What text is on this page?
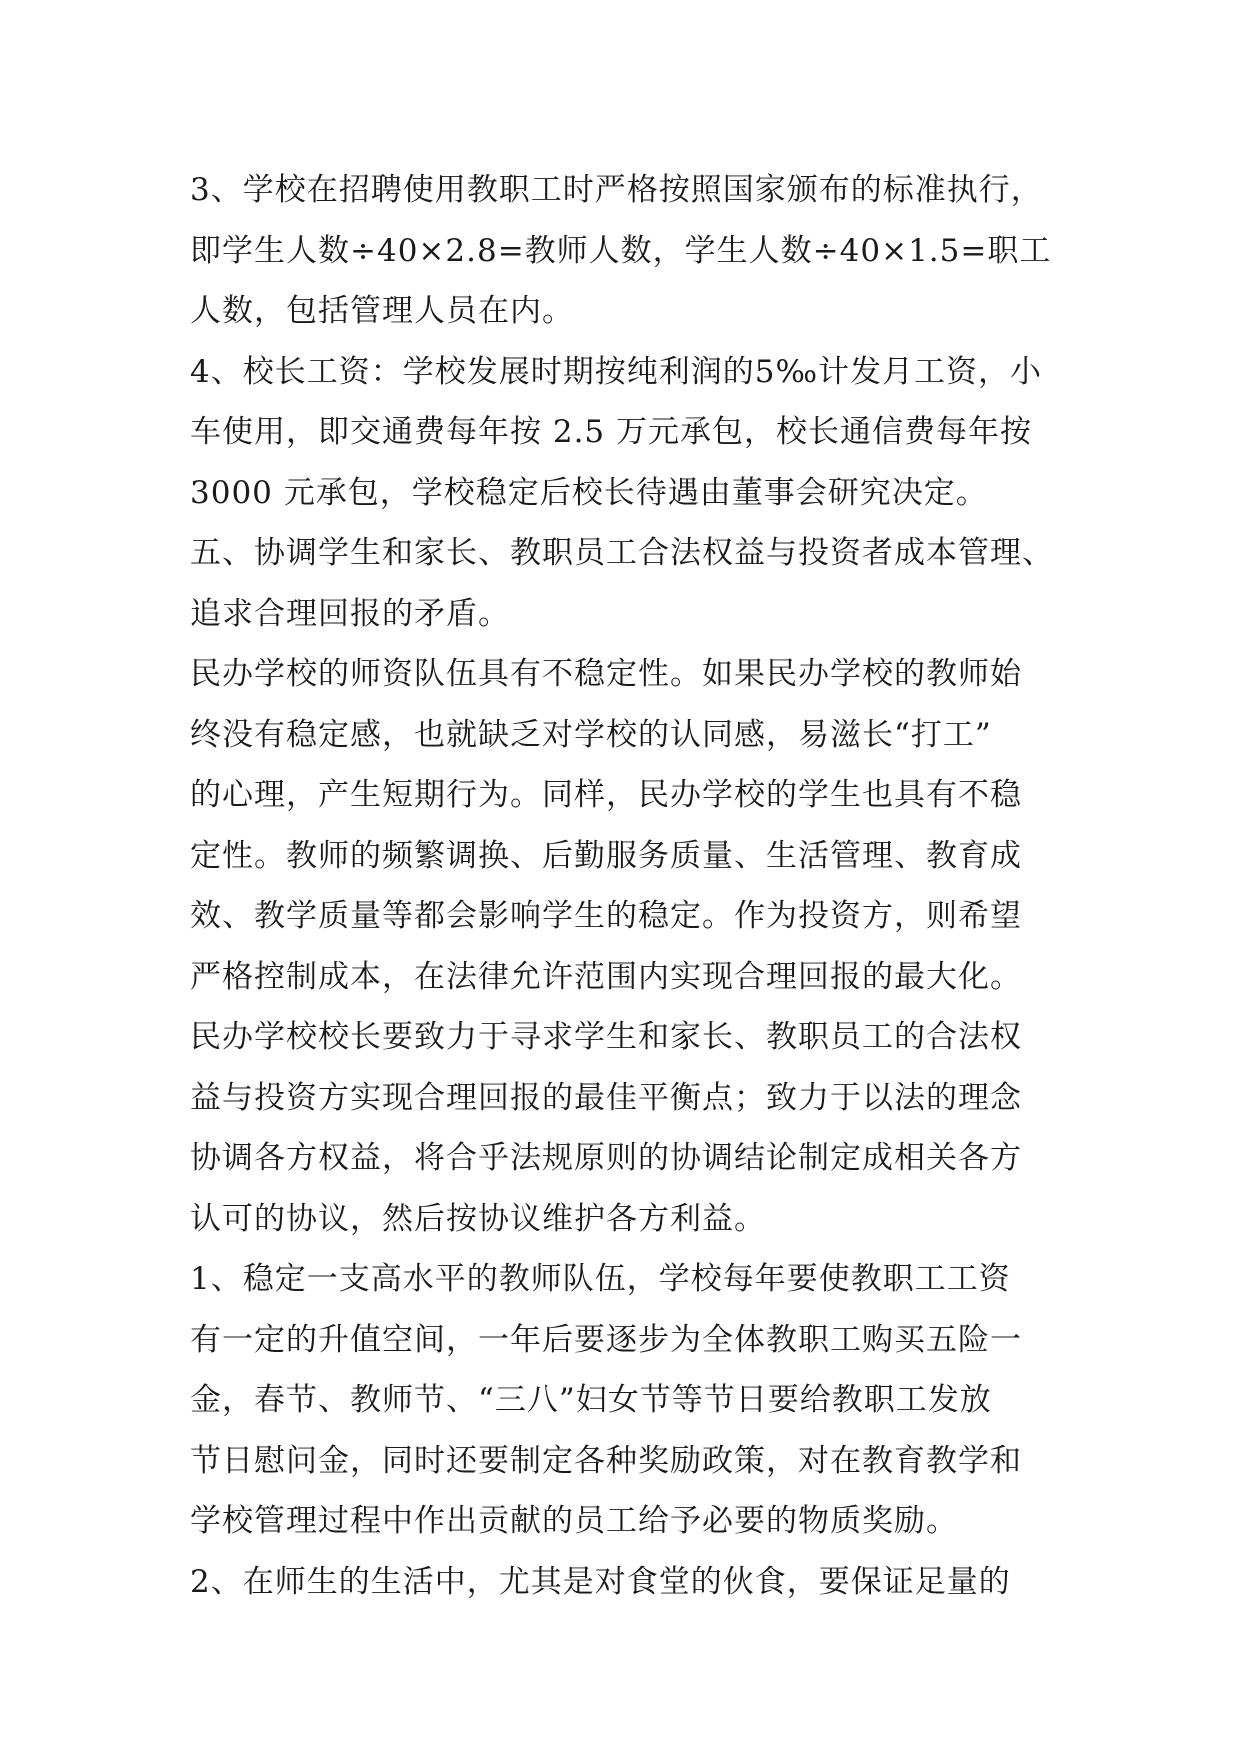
3、学校在招聘使用教职工时严格按照国家颁布的标准执行，
即学生人数÷40×2.8=教师人数，学生人数÷40×1.5=职工
人数，包括管理人员在内。
4、校长工资：学校发展时期按纯利润的5‰计发月工资，小
车使用，即交通费每年按 2.5 万元承包，校长通信费每年按
3000 元承包，学校稳定后校长待遇由董事会研究决定。
五、协调学生和家长、教职员工合法权益与投资者成本管理、
追求合理回报的矛盾。
民办学校的师资队伍具有不稳定性。如果民办学校的教师始
终没有稳定感，也就缺乏对学校的认同感，易滋长“打工”
的心理，产生短期行为。同样，民办学校的学生也具有不稳
定性。教师的频繁调换、后勤服务质量、生活管理、教育成
效、教学质量等都会影响学生的稳定。作为投资方，则希望
严格控制成本，在法律允许范围内实现合理回报的最大化。
民办学校校长要致力于寻求学生和家长、教职员工的合法权
益与投资方实现合理回报的最佳平衡点；致力于以法的理念
协调各方权益，将合乎法规原则的协调结论制定成相关各方
认可的协议，然后按协议维护各方利益。
1、稳定一支高水平的教师队伍，学校每年要使教职工工资
有一定的升值空间，一年后要逐步为全体教职工购买五险一
金，春节、教师节、“三八”妇女节等节日要给教职工发放
节日慰问金，同时还要制定各种奖励政策，对在教育教学和
学校管理过程中作出贡献的员工给予必要的物质奖励。
2、在师生的生活中，尤其是对食堂的伙食，要保证足量的
